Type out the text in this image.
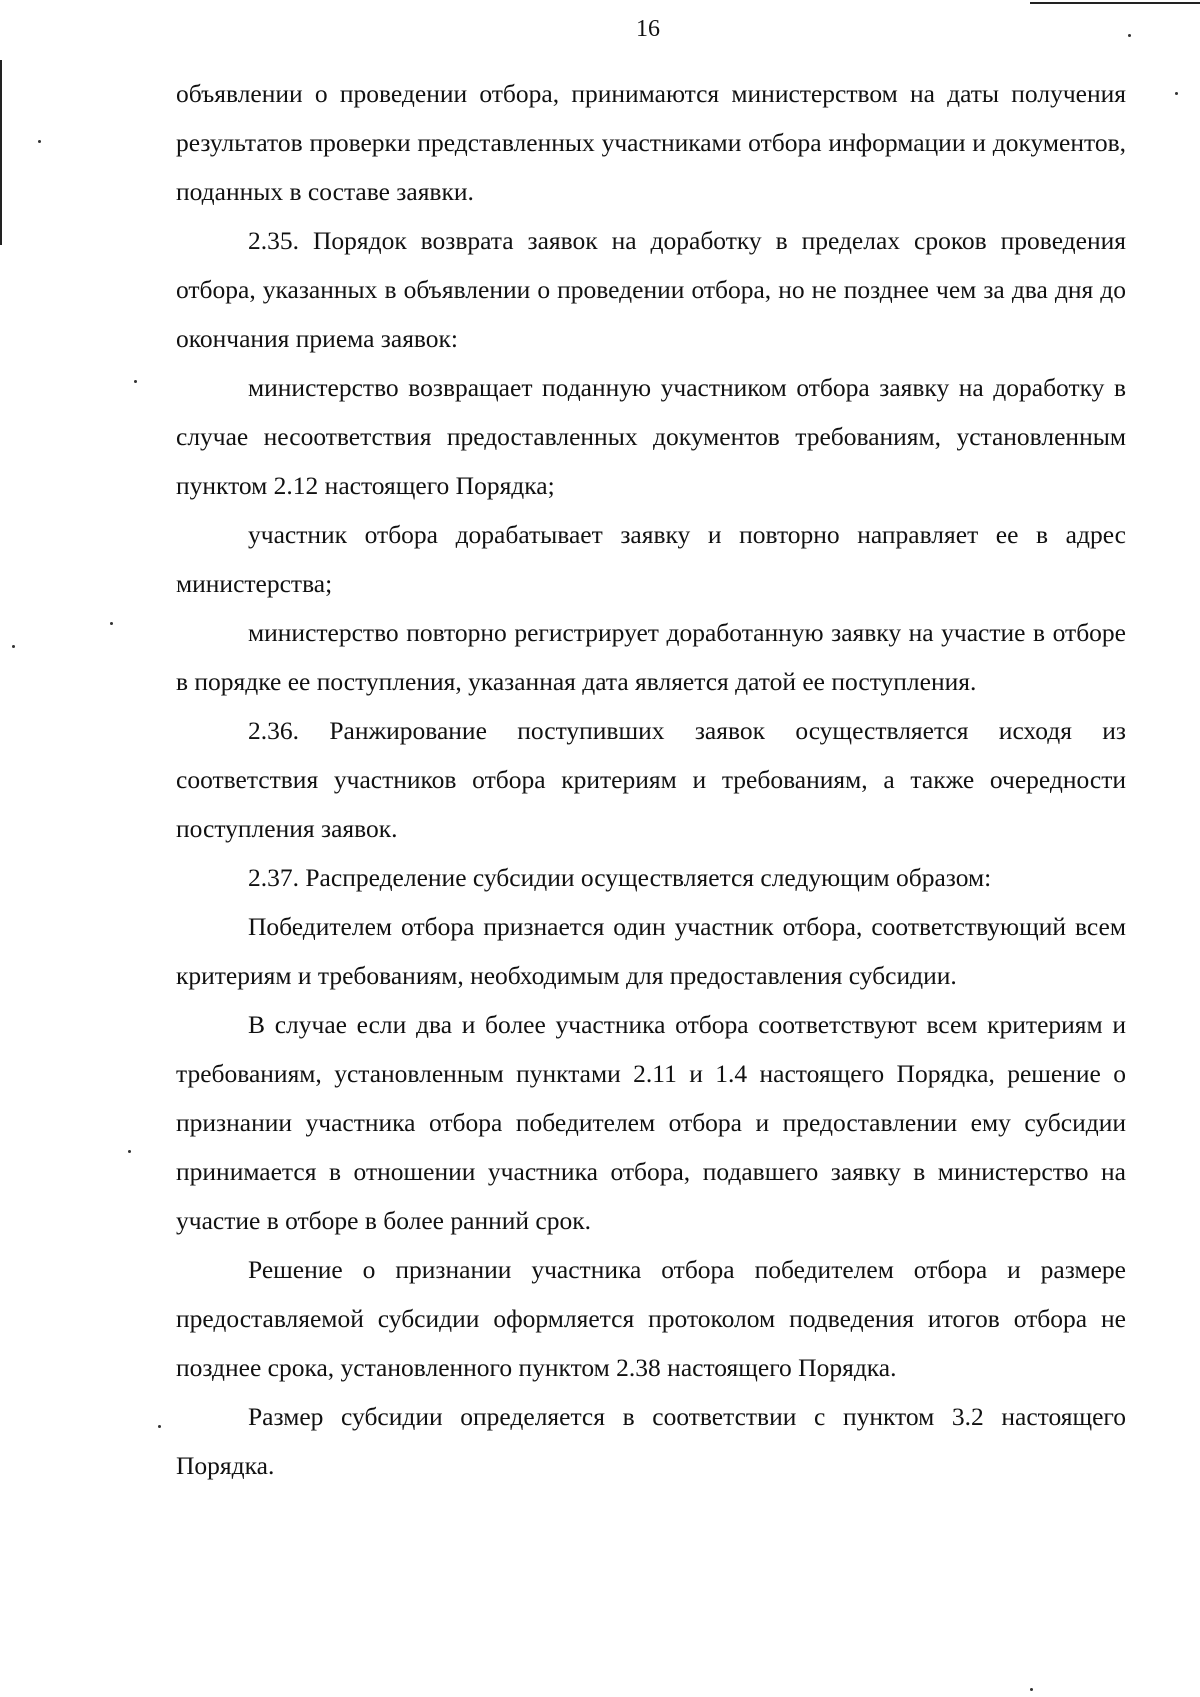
16

объявлении о проведении отбора, принимаются министерством на даты получения результатов проверки представленных участниками отбора информации и документов, поданных в составе заявки.

2.35. Порядок возврата заявок на доработку в пределах сроков проведения отбора, указанных в объявлении о проведении отбора, но не позднее чем за два дня до окончания приема заявок:

министерство возвращает поданную участником отбора заявку на доработку в случае несоответствия предоставленных документов требованиям, установленным пунктом 2.12 настоящего Порядка;

участник отбора дорабатывает заявку и повторно направляет ее в адрес министерства;

министерство повторно регистрирует доработанную заявку на участие в отборе в порядке ее поступления, указанная дата является датой ее поступления.

2.36. Ранжирование поступивших заявок осуществляется исходя из соответствия участников отбора критериям и требованиям, а также очередности поступления заявок.

2.37. Распределение субсидии осуществляется следующим образом:

Победителем отбора признается один участник отбора, соответствующий всем критериям и требованиям, необходимым для предоставления субсидии.

В случае если два и более участника отбора соответствуют всем критериям и требованиям, установленным пунктами 2.11 и 1.4 настоящего Порядка, решение о признании участника отбора победителем отбора и предоставлении ему субсидии принимается в отношении участника отбора, подавшего заявку в министерство на участие в отборе в более ранний срок.

Решение о признании участника отбора победителем отбора и размере предоставляемой субсидии оформляется протоколом подведения итогов отбора не позднее срока, установленного пунктом 2.38 настоящего Порядка.

Размер субсидии определяется в соответствии с пунктом 3.2 настоящего Порядка.
